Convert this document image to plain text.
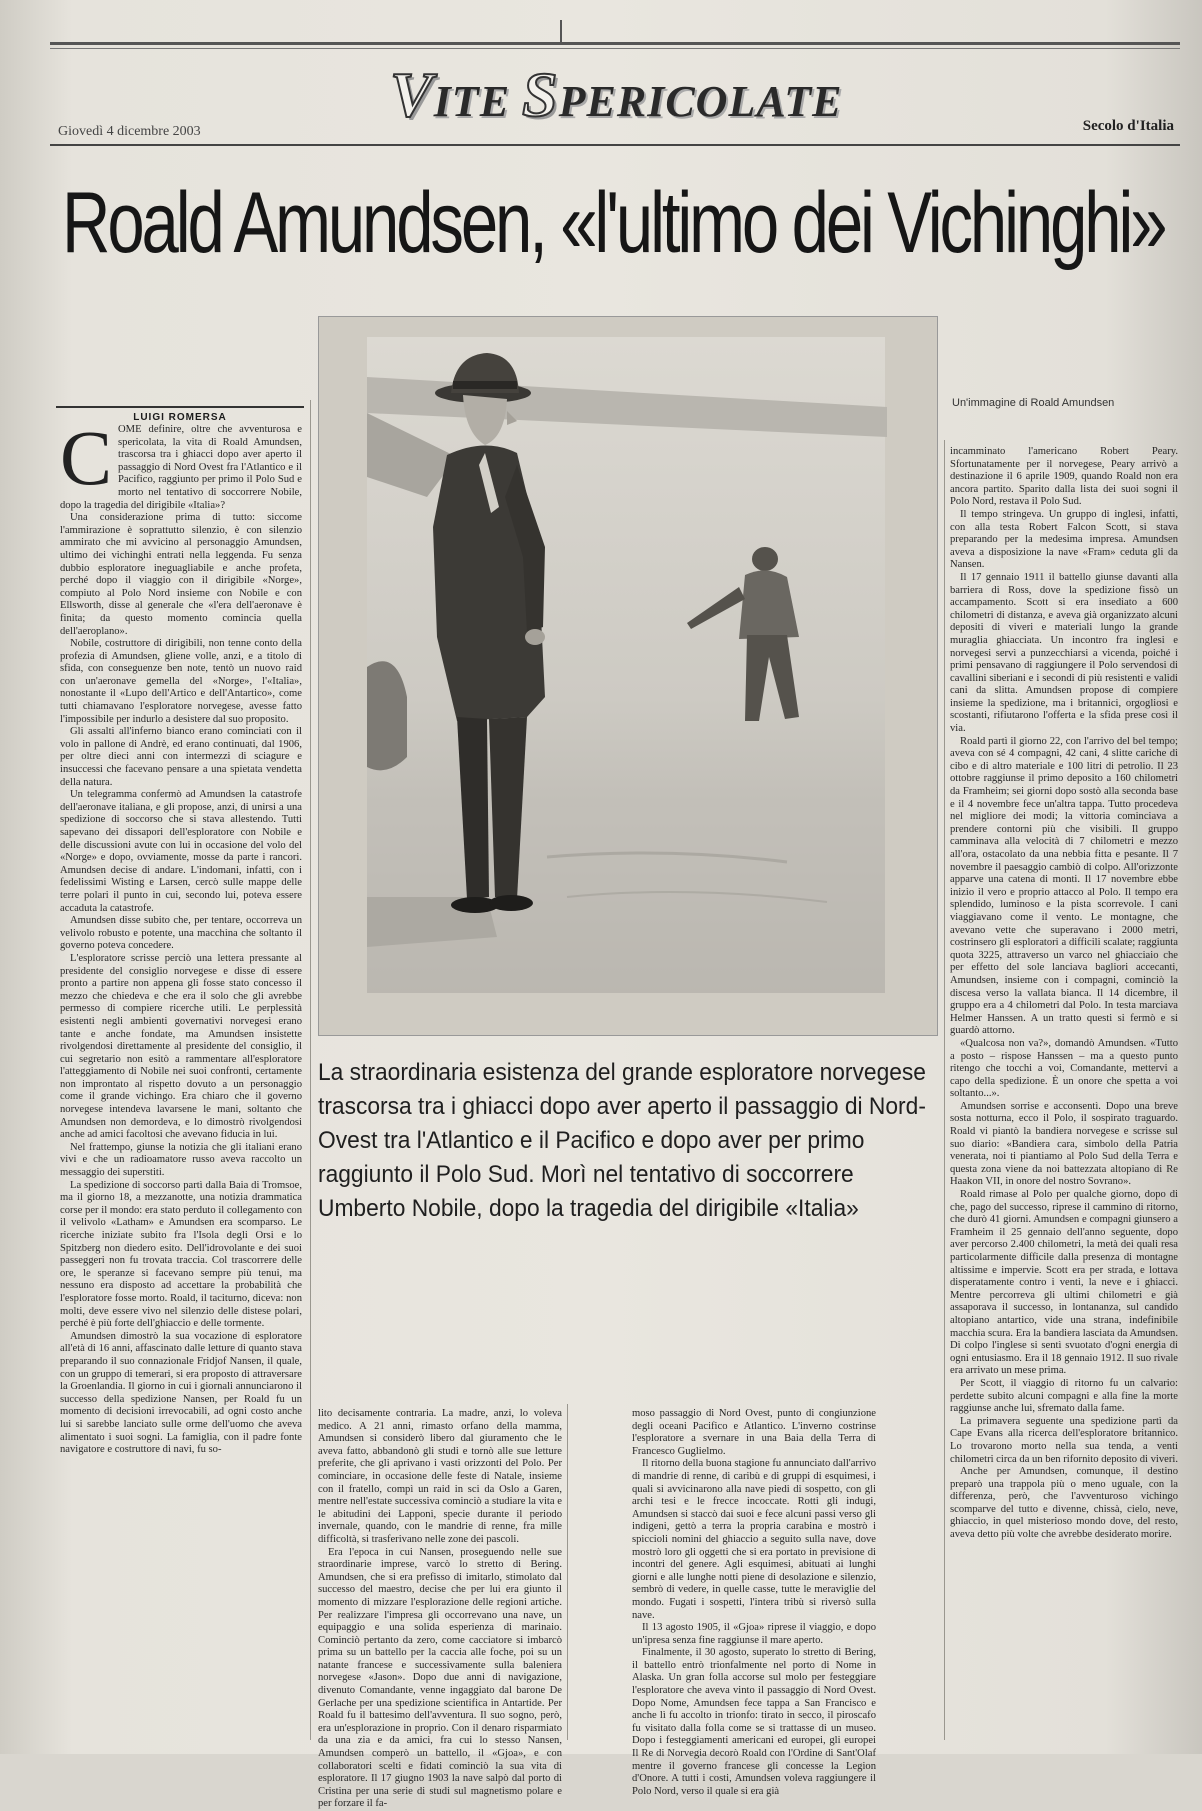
VITE SPERICOLATE
Giovedì 4 dicembre 2003	Secolo d'Italia
Roald Amundsen, «l'ultimo dei Vichinghi»
LUIGI ROMERSA
C OME definire, oltre che avventurosa e spericolata, la vita di Roald Amundsen, trascorsa tra i ghiacci dopo aver aperto il passaggio di Nord Ovest fra l'Atlantico e il Pacifico, raggiunto per primo il Polo Sud e morto nel tentativo di soccorrere Nobile, dopo la tragedia del dirigibile «Italia»?

Una considerazione prima di tutto: siccome l'ammirazione è soprattutto silenzio, è con silenzio ammirato che mi avvicino al personaggio Amundsen, ultimo dei vichinghi entrati nella leggenda. Fu senza dubbio esploratore ineguagliabile e anche profeta, perché dopo il viaggio con il dirigibile «Norge», compiuto al Polo Nord insieme con Nobile e con Ellsworth, disse al generale che «l'era dell'aeronave è finita; da questo momento comincia quella dell'aeroplano».

Nobile, costruttore di dirigibili, non tenne conto della profezia di Amundsen, gliene volle, anzi, e a titolo di sfida, con conseguenze ben note, tentò un nuovo raid con un'aeronave gemella del «Norge», l'«Italia», nonostante il «Lupo dell'Artico e dell'Antartico», come tutti chiamavano l'esploratore norvegese, avesse fatto l'impossibile per indurlo a desistere dal suo proposito.

Gli assalti all'inferno bianco erano cominciati con il volo in pallone di Andrè, ed erano continuati, dal 1906, per oltre dieci anni con intermezzi di sciagure e insuccessi che facevano pensare a una spietata vendetta della natura.

Un telegramma confermò ad Amundsen la catastrofe dell'aeronave italiana, e gli propose, anzi, di unirsi a una spedizione di soccorso che si stava allestendo. Tutti sapevano dei dissapori dell'esploratore con Nobile e delle discussioni avute con lui in occasione del volo del «Norge» e dopo, ovviamente, mosse da parte i rancori. Amundsen decise di andare. L'indomani, infatti, con i fedelissimi Wisting e Larsen, cercò sulle mappe delle terre polari il punto in cui, secondo lui, poteva essere accaduta la catastrofe.

Amundsen disse subito che, per tentare, occorreva un velivolo robusto e potente, una macchina che soltanto il governo poteva concedere.

L'esploratore scrisse perciò una lettera pressante al presidente del consiglio norvegese e disse di essere pronto a partire non appena gli fosse stato concesso il mezzo che chiedeva e che era il solo che gli avrebbe permesso di compiere ricerche utili. Le perplessità esistenti negli ambienti governativi norvegesi erano tante e anche fondate, ma Amundsen insistette rivolgendosi direttamente al presidente del consiglio, il cui segretario non esitò a rammentare all'esploratore l'atteggiamento di Nobile nei suoi confronti, certamente non improntato al rispetto dovuto a un personaggio come il grande vichingo. Era chiaro che il governo norvegese intendeva lavarsene le mani, soltanto che Amundsen non demordeva, e lo dimostrò rivolgendosi anche ad amici facoltosi che avevano fiducia in lui.

Nel frattempo, giunse la notizia che gli italiani erano vivi e che un radioamatore russo aveva raccolto un messaggio dei superstiti.

La spedizione di soccorso partì dalla Baia di Tromsoe, ma il giorno 18, a mezzanotte, una notizia drammatica corse per il mondo: era stato perduto il collegamento con il velivolo «Latham» e Amundsen era scomparso. Le ricerche iniziate subito fra l'Isola degli Orsi e lo Spitzberg non diedero esito. Dell'idrovolante e dei suoi passeggeri non fu trovata traccia. Col trascorrere delle ore, le speranze si facevano sempre più tenui, ma nessuno era disposto ad accettare la probabilità che l'esploratore fosse morto. Roald, il taciturno, diceva: non molti, deve essere vivo nel silenzio delle distese polari, perché è più forte dell'ghiaccio e delle tormente.

Amundsen dimostrò la sua vocazione di esploratore all'età di 16 anni, affascinato dalle letture di quanto stava preparando il suo connazionale Fridjof Nansen, il quale, con un gruppo di temerari, si era proposto di attraversare la Groenlandia. Il giorno in cui i giornali annunciarono il successo della spedizione Nansen, per Roald fu un momento di decisioni irrevocabili, ad ogni costo anche lui si sarebbe lanciato sulle orme dell'uomo che aveva alimentato i suoi sogni. La famiglia, con il padre fonte navigatore e costruttore di navi, fu so-

Un'immagine di Roald Amundsen
La straordinaria esistenza del grande esploratore norvegese trascorsa tra i ghiacci dopo aver aperto il passaggio di Nord-Ovest tra l'Atlantico e il Pacifico e dopo aver per primo raggiunto il Polo Sud. Morì nel tentativo di soccorrere Umberto Nobile, dopo la tragedia del dirigibile «Italia»

lito decisamente contraria. La madre, anzi, lo voleva medico. A 21 anni, rimasto orfano della mamma, Amundsen si considerò libero dal giuramento che le aveva fatto, abbandonò gli studi e tornò alle sue letture preferite, che gli aprivano i vasti orizzonti del Polo. Per cominciare, in occasione delle feste di Natale, insieme con il fratello, compì un raid in sci da Oslo a Garen, mentre nell'estate successiva cominciò a studiare la vita e le abitudini dei Lapponi, specie durante il periodo invernale, quando, con le mandrie di renne, fra mille difficoltà, si trasferivano nelle zone dei pascoli.

Era l'epoca in cui Nansen, proseguendo nelle sue straordinarie imprese, varcò lo stretto di Bering. Amundsen, che si era prefisso di imitarlo, stimolato dal successo del maestro, decise che per lui era giunto il momento di mizzare l'esplorazione delle regioni artiche. Per realizzare l'impresa gli occorrevano una nave, un equipaggio e una solida esperienza di marinaio. Cominciò pertanto da zero, come cacciatore si imbarcò prima su un battello per la caccia alle foche, poi su un natante francese e successivamente sulla baleniera norvegese «Jason». Dopo due anni di navigazione, divenuto Comandante, venne ingaggiato dal barone De Gerlache per una spedizione scientifica in Antartide. Per Roald fu il battesimo dell'avventura. Il suo sogno, però, era un'esplorazione in proprio. Con il denaro risparmiato da una zia e da amici, fra cui lo stesso Nansen, Amundsen comperò un battello, il «Gjoa», e con collaboratori scelti e fidati cominciò la sua vita di esploratore. Il 17 giugno 1903 la nave salpò dal porto di Cristina per una serie di studi sul magnetismo polare e per forzare il fa-

moso passaggio di Nord Ovest, punto di congiunzione degli oceani Pacifico e Atlantico. L'inverno costrinse l'esploratore a svernare in una Baia della Terra di Francesco Guglielmo.

Il ritorno della buona stagione fu annunciato dall'arrivo di mandrie di renne, di caribù e di gruppi di esquimesi, i quali si avvicinarono alla nave piedi di sospetto, con gli archi tesi e le frecce incoccate. Rotti gli indugi, Amundsen si staccò dai suoi e fece alcuni passi verso gli indigeni, gettò a terra la propria carabina e mostrò i spiccioli nomini del ghiaccio a seguito sulla nave, dove mostrò loro gli oggetti che si era portato in previsione di incontri del genere. Agli esquimesi, abituati ai lunghi giorni e alle lunghe notti piene di desolazione e silenzio, sembrò di vedere, in quelle casse, tutte le meraviglie del mondo. Fugati i sospetti, l'intera tribù si riversò sulla nave.

Il 13 agosto 1905, il «Gjoa» riprese il viaggio, e dopo un'ipresa senza fine raggiunse il mare aperto.

Finalmente, il 30 agosto, superato lo stretto di Bering, il battello entrò trionfalmente nel porto di Nome in Alaska. Un gran folla accorse sul molo per festeggiare l'esploratore che aveva vinto il passaggio di Nord Ovest. Dopo Nome, Amundsen fece tappa a San Francisco e anche lì fu accolto in trionfo: tirato in secco, il piroscafo fu visitato dalla folla come se si trattasse di un museo. Dopo i festeggiamenti americani ed europei, gli europei Il Re di Norvegia decorò Roald con l'Ordine di Sant'Olaf mentre il governo francese gli concesse la Legion d'Onore. A tutti i costi, Amundsen voleva raggiungere il Polo Nord, verso il quale si era già

incamminato l'americano Robert Peary. Sfortunatamente per il norvegese, Peary arrivò a destinazione il 6 aprile 1909, quando Roald non era ancora partito. Sparito dalla lista dei suoi sogni il Polo Nord, restava il Polo Sud.

Il tempo stringeva. Un gruppo di inglesi, infatti, con alla testa Robert Falcon Scott, si stava preparando per la medesima impresa. Amundsen aveva a disposizione la nave «Fram» ceduta gli da Nansen.

Il 17 gennaio 1911 il battello giunse davanti alla barriera di Ross, dove la spedizione fissò un accampamento. Scott si era insediato a 600 chilometri di distanza, e aveva già organizzato alcuni depositi di viveri e materiali lungo la grande muraglia ghiacciata. Un incontro fra inglesi e norvegesi servì a punzecchiarsi a vicenda, poiché i primi pensavano di raggiungere il Polo servendosi di cavallini siberiani e i secondi di più resistenti e validi cani da slitta. Amundsen propose di compiere insieme la spedizione, ma i britannici, orgogliosi e scostanti, rifiutarono l'offerta e la sfida prese così il via.

Roald partì il giorno 22, con l'arrivo del bel tempo; aveva con sé 4 compagni, 42 cani, 4 slitte cariche di cibo e di altro materiale e 100 litri di petrolio. Il 23 ottobre raggiunse il primo deposito a 160 chilometri da Framheim; sei giorni dopo sostò alla seconda base e il 4 novembre fece un'altra tappa. Tutto procedeva nel migliore dei modi; la vittoria cominciava a prendere contorni più che visibili. Il gruppo camminava alla velocità di 7 chilometri e mezzo all'ora, ostacolato da una nebbia fitta e pesante. Il 7 novembre il paesaggio cambiò di colpo. All'orizzonte apparve una catena di monti. Il 17 novembre ebbe inizio il vero e proprio attacco al Polo. Il tempo era splendido, luminoso e la pista scorrevole. I cani viaggiavano come il vento. Le montagne, che avevano vette che superavano i 2000 metri, costrinsero gli esploratori a difficili scalate; raggiunta quota 3225, attraverso un varco nel ghiacciaio che per effetto del sole lanciava bagliori accecanti, Amundsen, insieme con i compagni, cominciò la discesa verso la vallata bianca. Il 14 dicembre, il gruppo era a 4 chilometri dal Polo. In testa marciava Helmer Hanssen. A un tratto questi si fermò e si guardò attorno.

«Qualcosa non va?», domandò Amundsen. «Tutto a posto – rispose Hanssen – ma a questo punto ritengo che tocchi a voi, Comandante, mettervi a capo della spedizione. È un onore che spetta a voi soltanto...».

Amundsen sorrise e acconsentì. Dopo una breve sosta notturna, ecco il Polo, il sospirato traguardo. Roald vi piantò la bandiera norvegese e scrisse sul suo diario: «Bandiera cara, simbolo della Patria venerata, noi ti piantiamo al Polo Sud della Terra e questa zona viene da noi battezzata altopiano di Re Haakon VII, in onore del nostro Sovrano».

Roald rimase al Polo per qualche giorno, dopo di che, pago del successo, riprese il cammino di ritorno, che durò 41 giorni. Amundsen e compagni giunsero a Framheim il 25 gennaio dell'anno seguente, dopo aver percorso 2.400 chilometri, la metà dei quali resa particolarmente difficile dalla presenza di montagne altissime e impervie. Scott era per strada, e lottava disperatamente contro i venti, la neve e i ghiacci. Mentre percorreva gli ultimi chilometri e già assaporava il successo, in lontananza, sul candido altopiano antartico, vide una strana, indefinibile macchia scura. Era la bandiera lasciata da Amundsen. Di colpo l'inglese si sentì svuotato d'ogni energia di ogni entusiasmo. Era il 18 gennaio 1912. Il suo rivale era arrivato un mese prima.

Per Scott, il viaggio di ritorno fu un calvario: perdette subito alcuni compagni e alla fine la morte raggiunse anche lui, sfremato dalla fame.

La primavera seguente una spedizione partì da Cape Evans alla ricerca dell'esploratore britannico. Lo trovarono morto nella sua tenda, a venti chilometri circa da un ben rifornito deposito di viveri.

Anche per Amundsen, comunque, il destino preparò una trappola più o meno uguale, con la differenza, però, che l'avventuroso vichingo scomparve del tutto e divenne, chissà, cielo, neve, ghiaccio, in quel misterioso mondo dove, del resto, aveva detto più volte che avrebbe desiderato morire.
